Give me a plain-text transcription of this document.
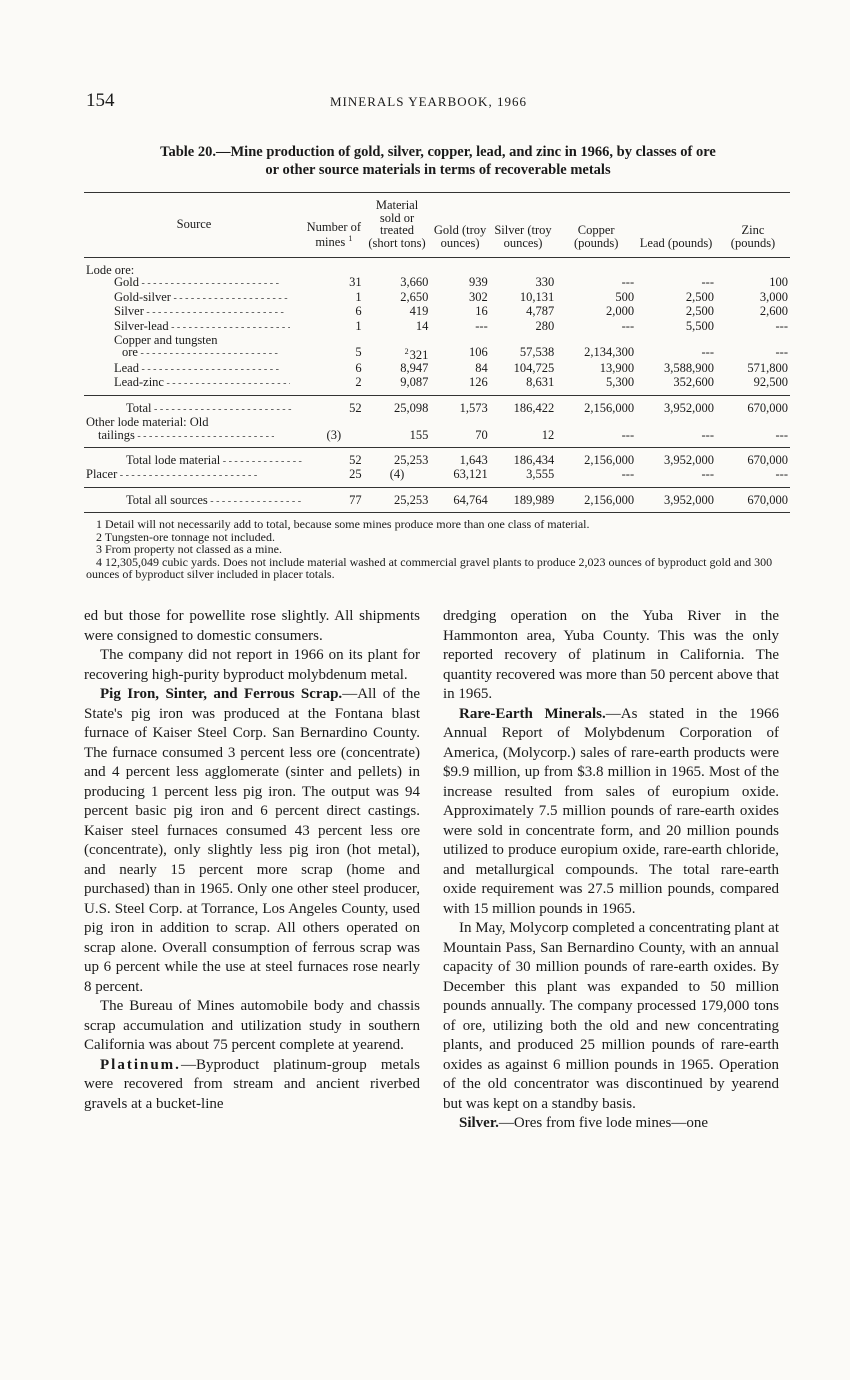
154	MINERALS YEARBOOK, 1966
Table 20.—Mine production of gold, silver, copper, lead, and zinc in 1966, by classes of ore
or other source materials in terms of recoverable metals
Source	Number of mines $^1$	Material sold or treated (short tons)	Gold (troy ounces)	Silver (troy ounces)	Copper (pounds)	Lead (pounds)	Zinc (pounds)
Lode ore:							

Gold - - -	31	3,660	939	330	---	---	100

Gold-silver - - -	1	2,650	302	10,131	500	2,500	3,000

Silver - - -	6	419	16	4,787	2,000	2,500	2,600

Silver-lead - - -	1	14	---	280	---	5,500	---
Copper and tungsten							

ore - - -	5	$^2$ 321	106	57,538	2,134,300	---	---

Lead - - -	6	8,947	84	104,725	13,900	3,588,900	571,800

Lead-zinc - - -	2	9,087	126	8,631	5,300	352,600	92,500

Total - - -	52	25,098	1,573	186,422	2,156,000	3,952,000	670,000
Other lode material: Old							

tailings - - -	(3)	155	70	12	---	---	---

Total lode material - - -	52	25,253	1,643	186,434	2,156,000	3,952,000	670,000

Placer - - -	25	(4)	63,121	3,555	---	---	---

Total all sources - - -	77	25,253	64,764	189,989	2,156,000	3,952,000	670,000
1 Detail will not necessarily add to total, because some mines produce more than one class of material.
2 Tungsten-ore tonnage not included.
3 From property not classed as a mine.
4 12,305,049 cubic yards. Does not include material washed at commercial gravel plants to produce 2,023 ounces of byproduct gold and 300 ounces of byproduct silver included in placer totals.

ed but those for powellite rose slightly. All shipments were consigned to domestic consumers.

The company did not report in 1966 on its plant for recovering high-purity byproduct molybdenum metal.

Pig Iron, Sinter, and Ferrous Scrap.—All of the State's pig iron was produced at the Fontana blast furnace of Kaiser Steel Corp. San Bernardino County. The furnace consumed 3 percent less ore (concentrate) and 4 percent less agglomerate (sinter and pellets) in producing 1 percent less pig iron. The output was 94 percent basic pig iron and 6 percent direct castings. Kaiser steel furnaces consumed 43 percent less ore (concentrate), only slightly less pig iron (hot metal), and nearly 15 percent more scrap (home and purchased) than in 1965. Only one other steel producer, U.S. Steel Corp. at Torrance, Los Angeles County, used pig iron in addition to scrap. All others operated on scrap alone. Overall consumption of ferrous scrap was up 6 percent while the use at steel furnaces rose nearly 8 percent.

The Bureau of Mines automobile body and chassis scrap accumulation and utilization study in southern California was about 75 percent complete at yearend.

Platinum.—Byproduct platinum-group metals were recovered from stream and ancient riverbed gravels at a bucket-line

dredging operation on the Yuba River in the Hammonton area, Yuba County. This was the only reported recovery of platinum in California. The quantity recovered was more than 50 percent above that in 1965.

Rare-Earth Minerals.—As stated in the 1966 Annual Report of Molybdenum Corporation of America, (Molycorp.) sales of rare-earth products were $9.9 million, up from $3.8 million in 1965. Most of the increase resulted from sales of europium oxide. Approximately 7.5 million pounds of rare-earth oxides were sold in concentrate form, and 20 million pounds utilized to produce europium oxide, rare-earth chloride, and metallurgical compounds. The total rare-earth oxide requirement was 27.5 million pounds, compared with 15 million pounds in 1965.

In May, Molycorp completed a concentrating plant at Mountain Pass, San Bernardino County, with an annual capacity of 30 million pounds of rare-earth oxides. By December this plant was expanded to 50 million pounds annually. The company processed 179,000 tons of ore, utilizing both the old and new concentrating plants, and produced 25 million pounds of rare-earth oxides as against 6 million pounds in 1965. Operation of the old concentrator was discontinued by yearend but was kept on a standby basis.

Silver.—Ores from five lode mines—one
